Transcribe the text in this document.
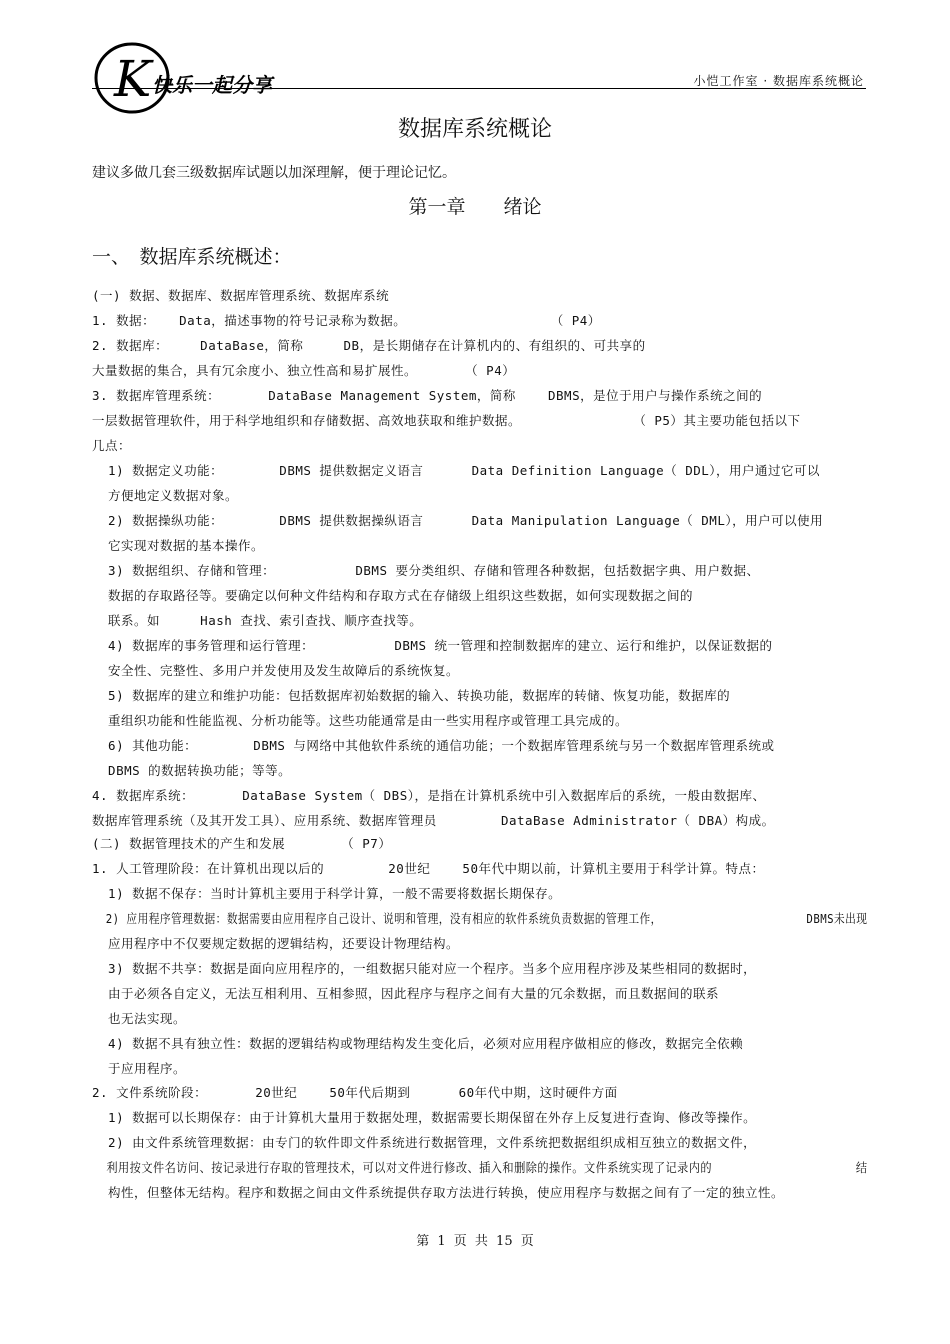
K 快乐一起分享	小恺工作室 · 数据库系统概论
数据库系统概论
建议多做几套三级数据库试题以加深理解，便于理论记忆。
第一章　　绪论
一、　数据库系统概述：
(一) 数据、数据库、数据库管理系统、数据库系统
1. 数据：   Data，描述事物的符号记录称为数据。                  （ P4）
2. 数据库：    DataBase，简称     DB，是长期储存在计算机内的、有组织的、可共享的
大量数据的集合，具有冗余度小、独立性高和易扩展性。      （ P4）
3. 数据库管理系统：      DataBase Management System，简称    DBMS，是位于用户与操作系统之间的
一层数据管理软件，用于科学地组织和存储数据、高效地获取和维护数据。              （ P5）其主要功能包括以下
几点：
1) 数据定义功能：       DBMS 提供数据定义语言      Data Definition Language（ DDL），用户通过它可以
方便地定义数据对象。
2) 数据操纵功能：       DBMS 提供数据操纵语言      Data Manipulation Language（ DML），用户可以使用
它实现对数据的基本操作。
3) 数据组织、存储和管理：          DBMS 要分类组织、存储和管理各种数据，包括数据字典、用户数据、
数据的存取路径等。要确定以何种文件结构和存取方式在存储级上组织这些数据，如何实现数据之间的
联系。如     Hash 查找、索引查找、顺序查找等。
4) 数据库的事务管理和运行管理：          DBMS 统一管理和控制数据库的建立、运行和维护，以保证数据的
安全性、完整性、多用户并发使用及发生故障后的系统恢复。
5) 数据库的建立和维护功能：包括数据库初始数据的输入、转换功能，数据库的转储、恢复功能，数据库的
重组织功能和性能监视、分析功能等。这些功能通常是由一些实用程序或管理工具完成的。
6) 其他功能：       DBMS 与网络中其他软件系统的通信功能；一个数据库管理系统与另一个数据库管理系统或
DBMS 的数据转换功能；等等。
4. 数据库系统：      DataBase System（ DBS），是指在计算机系统中引入数据库后的系统，一般由数据库、
数据库管理系统（及其开发工具）、应用系统、数据库管理员        DataBase Administrator（ DBA）构成。
(二) 数据管理技术的产生和发展       （ P7）
1. 人工管理阶段：在计算机出现以后的        20世纪    50年代中期以前，计算机主要用于科学计算。特点：
1) 数据不保存：当时计算机主要用于科学计算，一般不需要将数据长期保存。
2) 应用程序管理数据：数据需要由应用程序自己设计、说明和管理，没有相应的软件系统负责数据的管理工作，                     DBMS未出现
应用程序中不仅要规定数据的逻辑结构，还要设计物理结构。
3) 数据不共享：数据是面向应用程序的，一组数据只能对应一个程序。当多个应用程序涉及某些相同的数据时，
由于必须各自定义，无法互相利用、互相参照，因此程序与程序之间有大量的冗余数据，而且数据间的联系
也无法实现。
4) 数据不具有独立性：数据的逻辑结构或物理结构发生变化后，必须对应用程序做相应的修改，数据完全依赖
于应用程序。
2. 文件系统阶段：      20世纪    50年代后期到      60年代中期，这时硬件方面
1) 数据可以长期保存：由于计算机大量用于数据处理，数据需要长期保留在外存上反复进行查询、修改等操作。
2) 由文件系统管理数据：由专门的软件即文件系统进行数据管理，文件系统把数据组织成相互独立的数据文件，
利用按文件名访问、按记录进行存取的管理技术，可以对文件进行修改、插入和删除的操作。文件系统实现了记录内的                    结
构性，但整体无结构。程序和数据之间由文件系统提供存取方法进行转换，使应用程序与数据之间有了一定的独立性。
第 1 页 共 15 页
